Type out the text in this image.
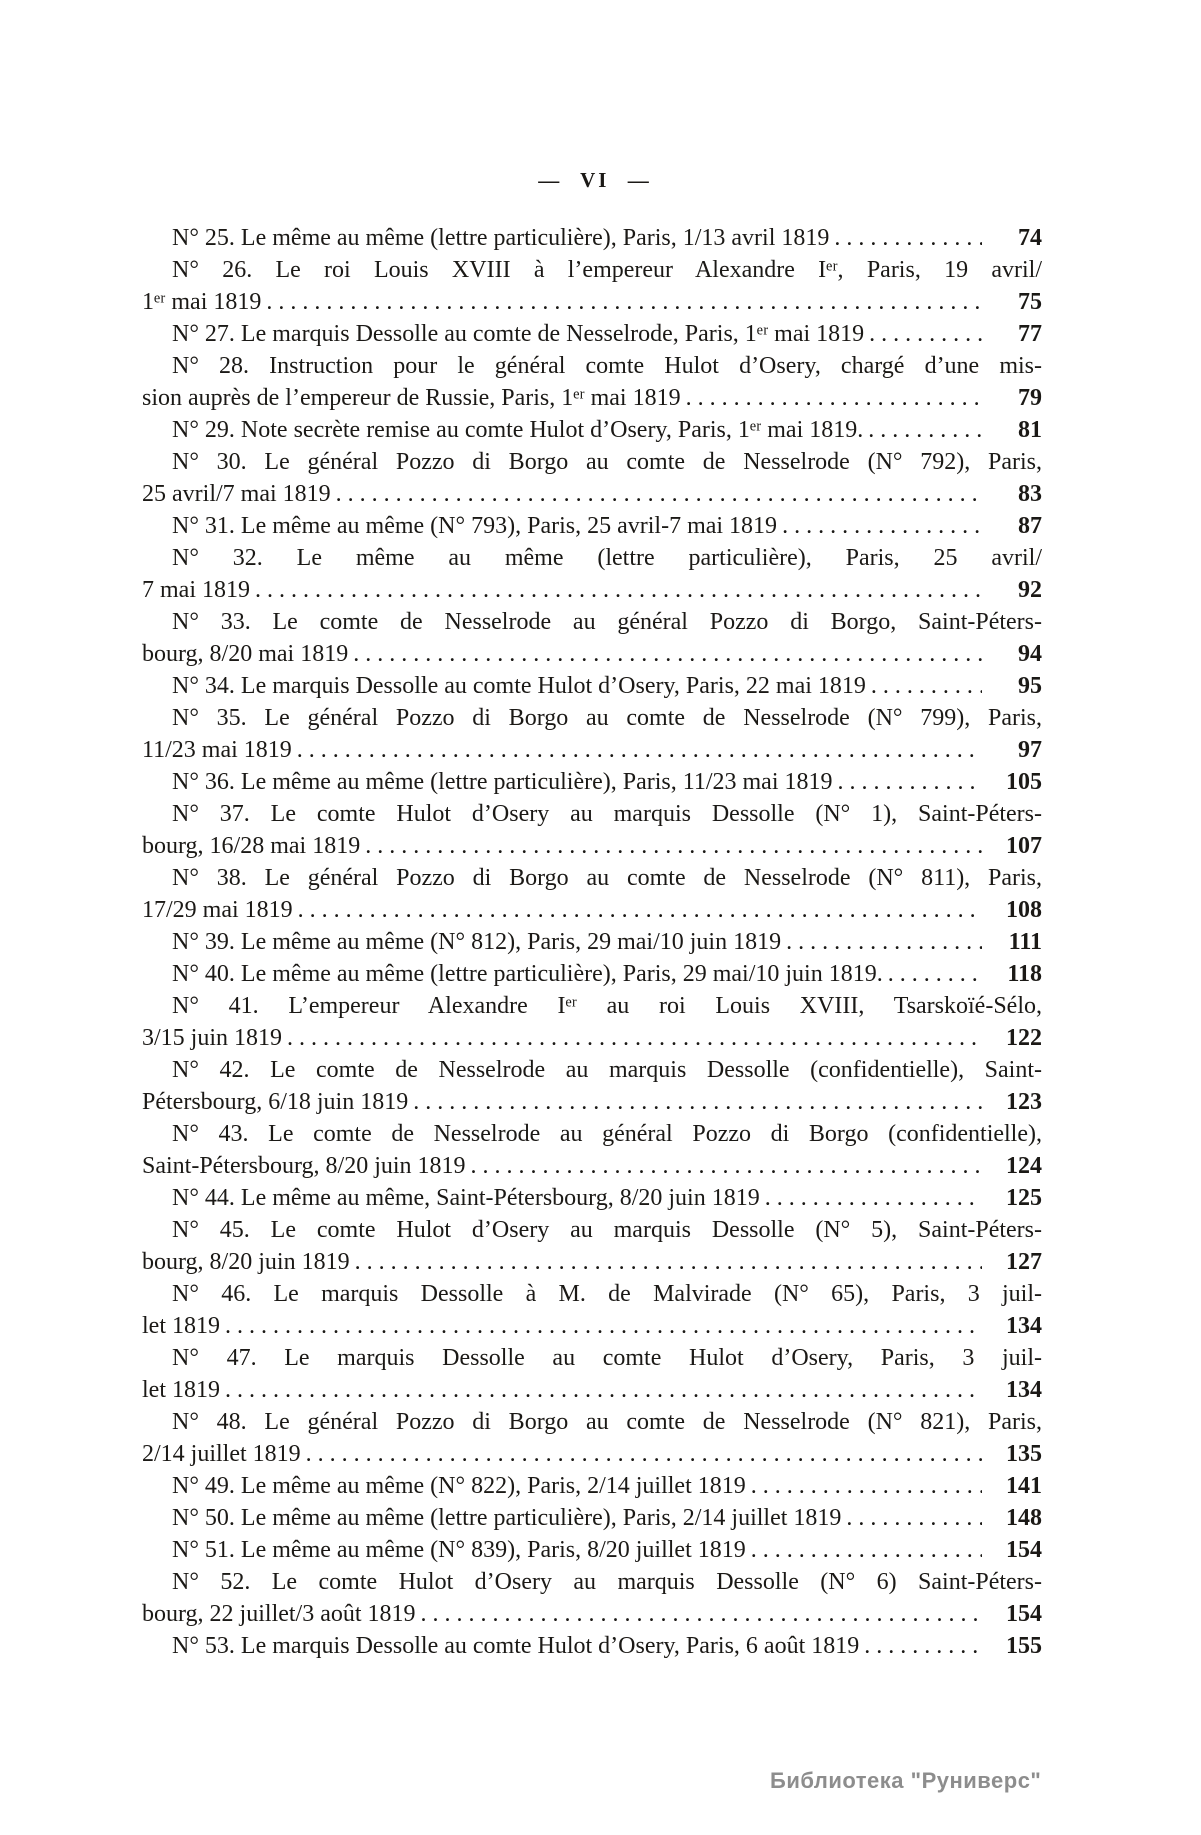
— VI —
N° 25. Le même au même (lettre particulière), Paris, 1/13 avril 1819 .....	74
N° 26. Le roi Louis XVIII à l’empereur Alexandre Iᵉʳ, Paris, 19 avril/
1ᵉʳ mai 1819 .....	75
N° 27. Le marquis Dessolle au comte de Nesselrode, Paris, 1ᵉʳ mai 1819 .....	77
N° 28. Instruction pour le général comte Hulot d’Osery, chargé d’une mis-
sion auprès de l’empereur de Russie, Paris, 1ᵉʳ mai 1819 .....	79
N° 29. Note secrète remise au comte Hulot d’Osery, Paris, 1ᵉʳ mai 1819. .....	81
N° 30. Le général Pozzo di Borgo au comte de Nesselrode (N° 792), Paris,
25 avril/7 mai 1819 .....	83
N° 31. Le même au même (N° 793), Paris, 25 avril-7 mai 1819 .....	87
N° 32. Le même au même (lettre particulière), Paris, 25 avril/
7 mai 1819 .....	92
N° 33. Le comte de Nesselrode au général Pozzo di Borgo, Saint-Péters-
bourg, 8/20 mai 1819 .....	94
N° 34. Le marquis Dessolle au comte Hulot d’Osery, Paris, 22 mai 1819 .....	95
N° 35. Le général Pozzo di Borgo au comte de Nesselrode (N° 799), Paris,
11/23 mai 1819 .....	97
N° 36. Le même au même (lettre particulière), Paris, 11/23 mai 1819 .....	105
N° 37. Le comte Hulot d’Osery au marquis Dessolle (N° 1), Saint-Péters-
bourg, 16/28 mai 1819 .....	107
N° 38. Le général Pozzo di Borgo au comte de Nesselrode (N° 811), Paris,
17/29 mai 1819 .....	108
N° 39. Le même au même (N° 812), Paris, 29 mai/10 juin 1819 .....	111
N° 40. Le même au même (lettre particulière), Paris, 29 mai/10 juin 1819. .....	118
N° 41. L’empereur Alexandre Iᵉʳ au roi Louis XVIII, Tsarskoïé-Sélo,
3/15 juin 1819 .....	122
N° 42. Le comte de Nesselrode au marquis Dessolle (confidentielle), Saint-
Pétersbourg, 6/18 juin 1819 .....	123
N° 43. Le comte de Nesselrode au général Pozzo di Borgo (confidentielle),
Saint-Pétersbourg, 8/20 juin 1819 .....	124
N° 44. Le même au même, Saint-Pétersbourg, 8/20 juin 1819 .....	125
N° 45. Le comte Hulot d’Osery au marquis Dessolle (N° 5), Saint-Péters-
bourg, 8/20 juin 1819 .....	127
N° 46. Le marquis Dessolle à M. de Malvirade (N° 65), Paris, 3 juil-
let 1819 .....	134
N° 47. Le marquis Dessolle au comte Hulot d’Osery, Paris, 3 juil-
let 1819 .....	134
N° 48. Le général Pozzo di Borgo au comte de Nesselrode (N° 821), Paris,
2/14 juillet 1819 .....	135
N° 49. Le même au même (N° 822), Paris, 2/14 juillet 1819 .....	141
N° 50. Le même au même (lettre particulière), Paris, 2/14 juillet 1819 .....	148
N° 51. Le même au même (N° 839), Paris, 8/20 juillet 1819 .....	154
N° 52. Le comte Hulot d’Osery au marquis Dessolle (N° 6) Saint-Péters-
bourg, 22 juillet/3 août 1819 .....	154
N° 53. Le marquis Dessolle au comte Hulot d’Osery, Paris, 6 août 1819 .....	155
Библиотека "Руниверс"
